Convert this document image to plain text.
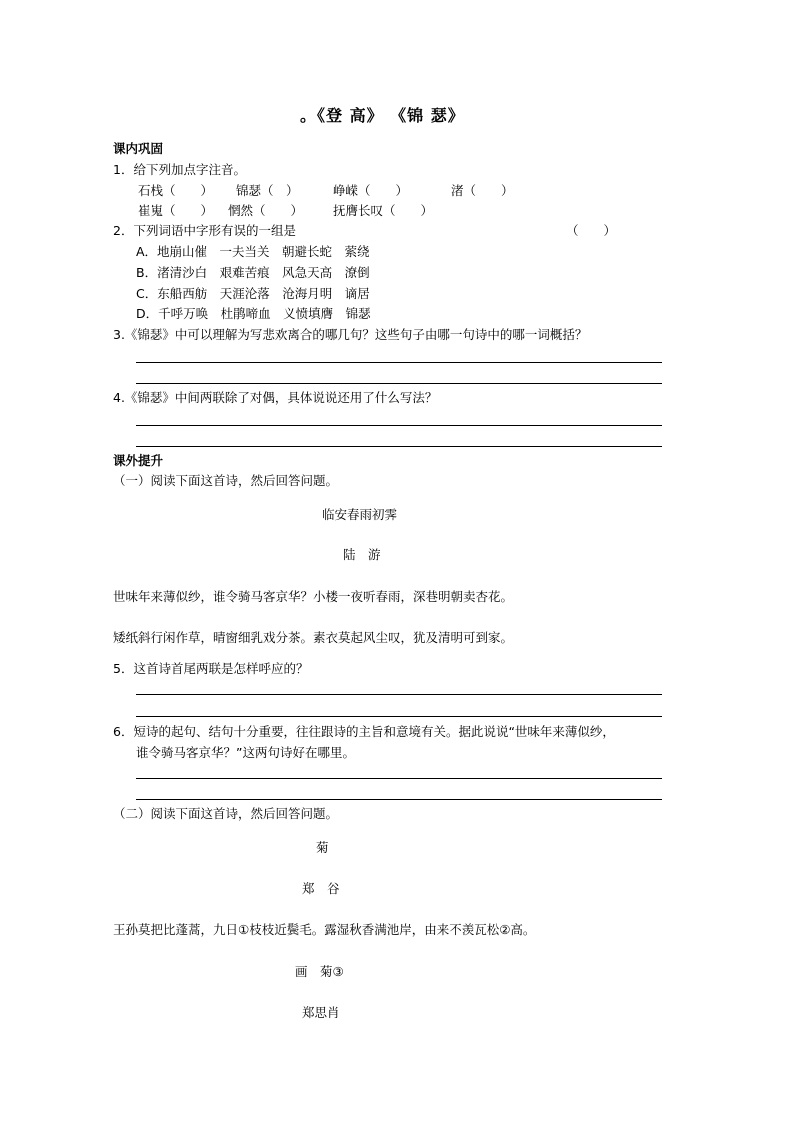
。《登 高》 《锦 瑟》
课内巩固
1．给下列加点字注音。
石栈（　　） 锦瑟（　）	峥嵘（　　）	渚（　　）
崔嵬（　　） 惘然（　　） 抚膺长叹（　　）
2．下列词语中字形有误的一组是	（　　）
A．地崩山催　一夫当关　朝避长蛇　萦绕
B．渚清沙白　艰难苦痕　风急天高　潦倒
C．东船西舫　天涯沦落　沧海月明　谪居
D．千呼万唤　杜鹃啼血　义愤填膺　锦瑟
3.《锦瑟》中可以理解为写悲欢离合的哪几句？这些句子由哪一句诗中的哪一词概括？
4.《锦瑟》中间两联除了对偶，具体说说还用了什么写法？
课外提升
（一）阅读下面这首诗，然后回答问题。
临安春雨初霁
陆　游
世味年来薄似纱，谁令骑马客京华？小楼一夜听春雨，深巷明朝卖杏花。
矮纸斜行闲作草，晴窗细乳戏分茶。素衣莫起风尘叹，犹及清明可到家。
5．这首诗首尾两联是怎样呼应的？
6．短诗的起句、结句十分重要，往往跟诗的主旨和意境有关。据此说说“世味年来薄似纱，
谁令骑马客京华？”这两句诗好在哪里。
（二）阅读下面这首诗，然后回答问题。
菊
郑　谷
王孙莫把比蓬蒿，九日①枝枝近鬓毛。露湿秋香满池岸，由来不羡瓦松②高。
画　菊③
郑思肖
